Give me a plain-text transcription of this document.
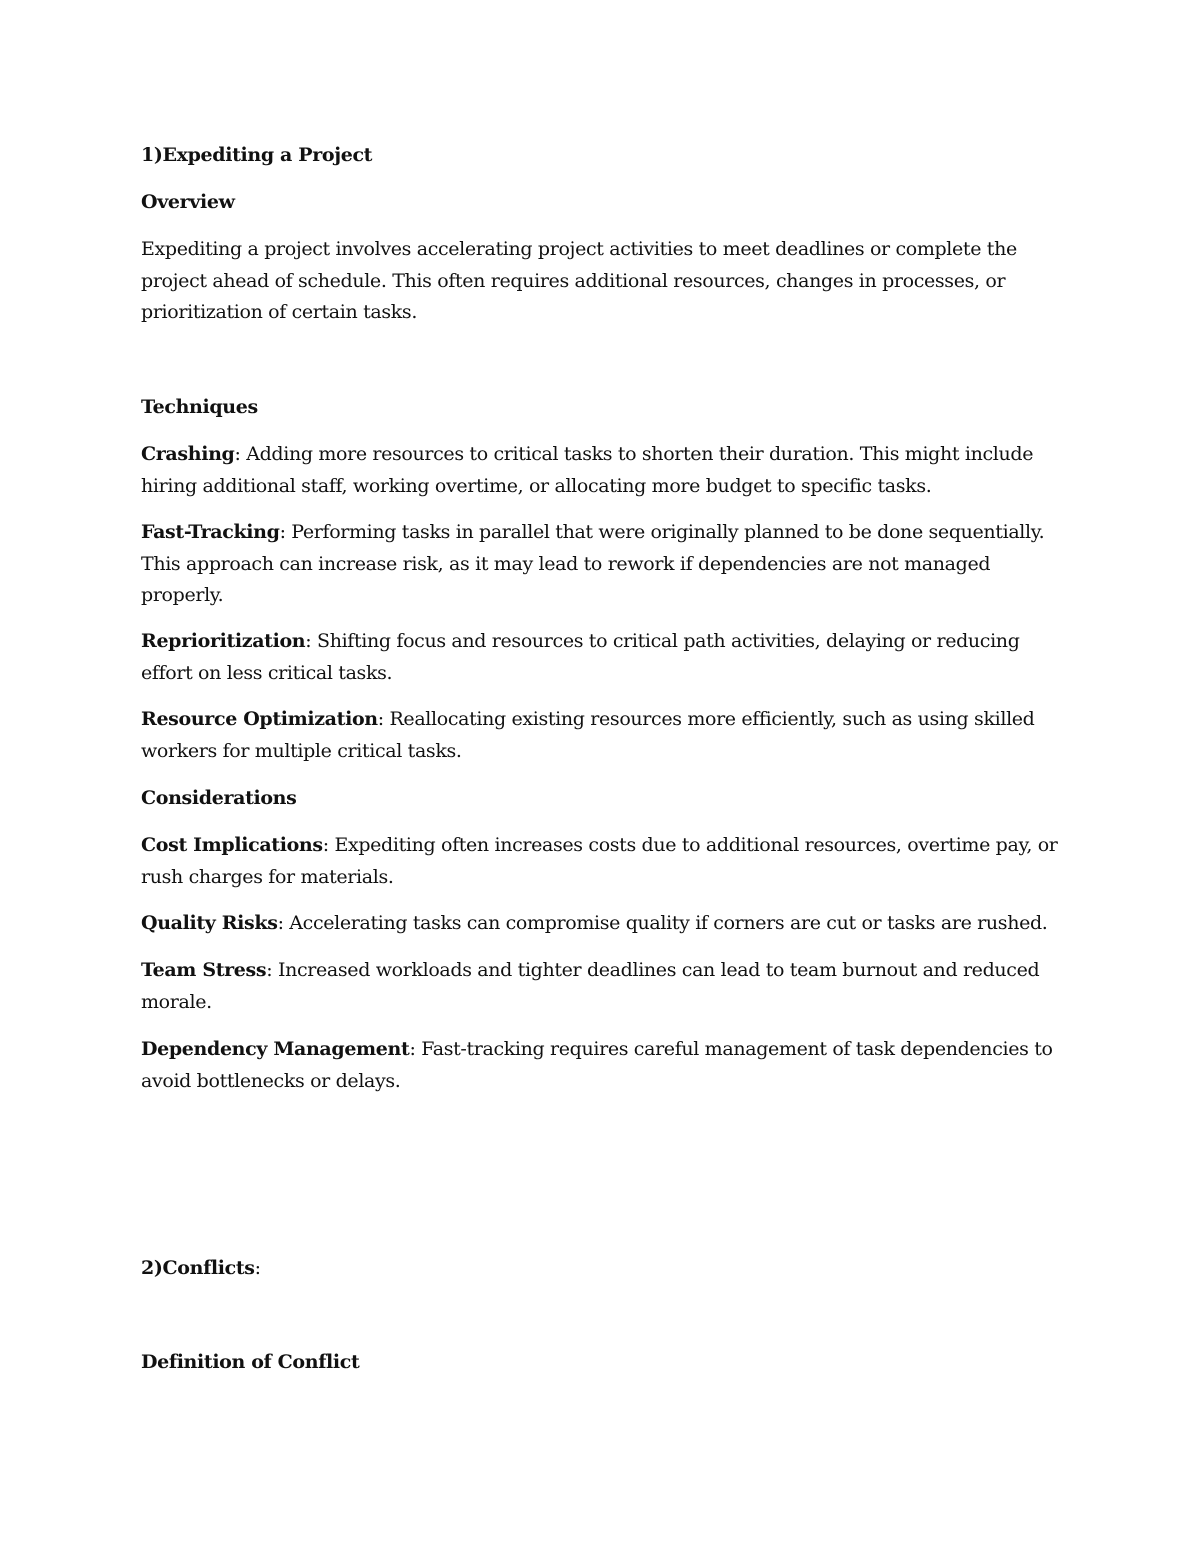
1)Expediting a Project

Overview

Expediting a project involves accelerating project activities to meet deadlines or complete the project ahead of schedule. This often requires additional resources, changes in processes, or prioritization of certain tasks.

Techniques

Crashing: Adding more resources to critical tasks to shorten their duration. This might include hiring additional staff, working overtime, or allocating more budget to specific tasks.

Fast-Tracking: Performing tasks in parallel that were originally planned to be done sequentially. This approach can increase risk, as it may lead to rework if dependencies are not managed properly.

Reprioritization: Shifting focus and resources to critical path activities, delaying or reducing effort on less critical tasks.

Resource Optimization: Reallocating existing resources more efficiently, such as using skilled workers for multiple critical tasks.

Considerations

Cost Implications: Expediting often increases costs due to additional resources, overtime pay, or rush charges for materials.

Quality Risks: Accelerating tasks can compromise quality if corners are cut or tasks are rushed.

Team Stress: Increased workloads and tighter deadlines can lead to team burnout and reduced morale.

Dependency Management: Fast-tracking requires careful management of task dependencies to avoid bottlenecks or delays.

2)Conflicts:

Definition of Conflict
